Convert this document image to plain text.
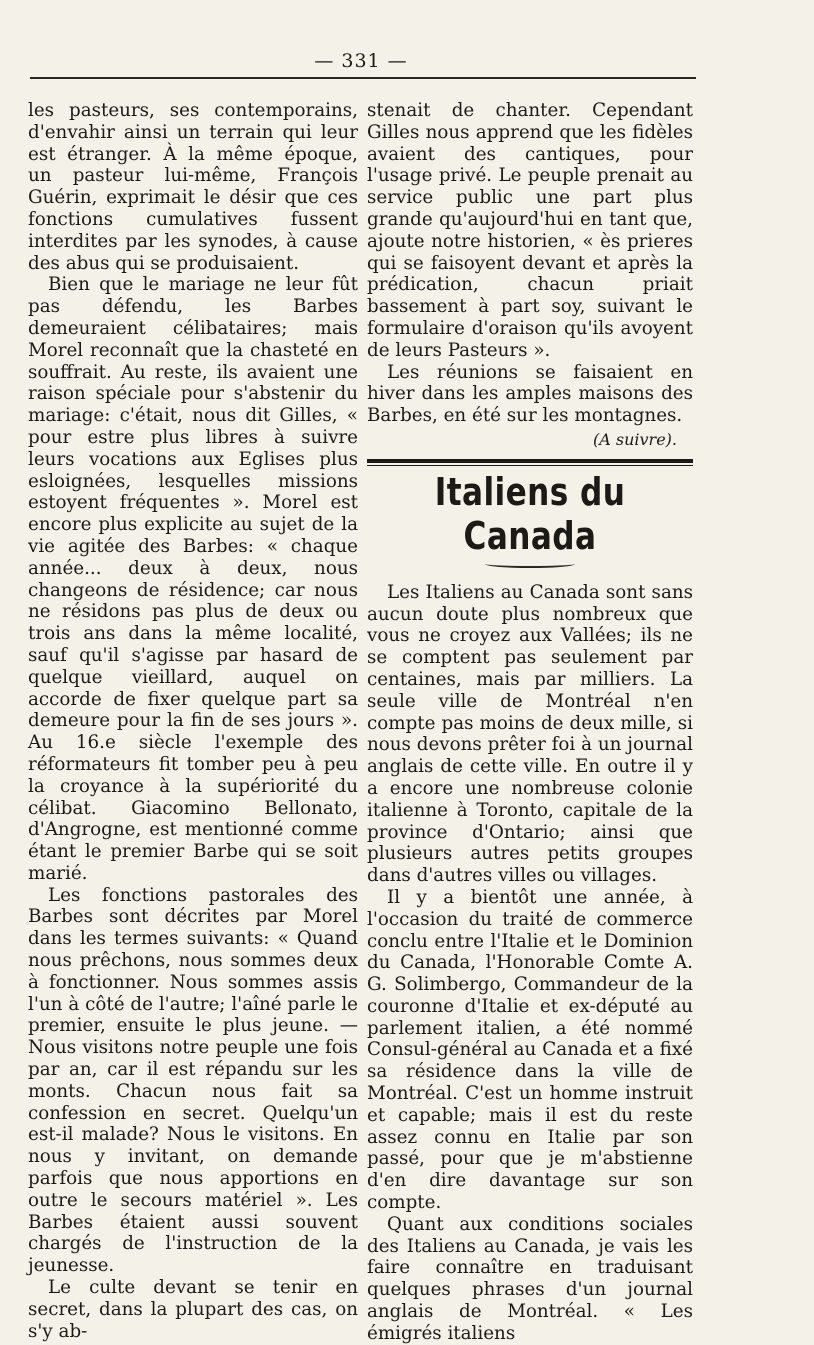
— 331 —

les pasteurs, ses contemporains, d'envahir ainsi un terrain qui leur est étranger. À la même époque, un pasteur lui-même, François Guérin, exprimait le désir que ces fonctions cumulatives fussent interdites par les synodes, à cause des abus qui se produisaient.

Bien que le mariage ne leur fût pas défendu, les Barbes demeuraient célibataires; mais Morel reconnaît que la chasteté en souffrait. Au reste, ils avaient une raison spéciale pour s'abstenir du mariage: c'était, nous dit Gilles, « pour estre plus libres à suivre leurs vocations aux Eglises plus esloignées, lesquelles missions estoyent fréquentes ». Morel est encore plus explicite au sujet de la vie agitée des Barbes: « chaque année... deux à deux, nous changeons de résidence; car nous ne résidons pas plus de deux ou trois ans dans la même localité, sauf qu'il s'agisse par hasard de quelque vieillard, auquel on accorde de fixer quelque part sa demeure pour la fin de ses jours ». Au 16.e siècle l'exemple des réformateurs fit tomber peu à peu la croyance à la supériorité du célibat. Giacomino Bellonato, d'Angrogne, est mentionné comme étant le premier Barbe qui se soit marié.

Les fonctions pastorales des Barbes sont décrites par Morel dans les termes suivants: « Quand nous prêchons, nous sommes deux à fonctionner. Nous sommes assis l'un à côté de l'autre; l'aîné parle le premier, ensuite le plus jeune. — Nous visitons notre peuple une fois par an, car il est répandu sur les monts. Chacun nous fait sa confession en secret. Quelqu'un est-il malade? Nous le visitons. En nous y invitant, on demande parfois que nous apportions en outre le secours matériel ». Les Barbes étaient aussi souvent chargés de l'instruction de la jeunesse.

Le culte devant se tenir en secret, dans la plupart des cas, on s'y ab-

stenait de chanter. Cependant Gilles nous apprend que les fidèles avaient des cantiques, pour l'usage privé. Le peuple prenait au service public une part plus grande qu'aujourd'hui en tant que, ajoute notre historien, « ès prieres qui se faisoyent devant et après la prédication, chacun priait bassement à part soy, suivant le formulaire d'oraison qu'ils avoyent de leurs Pasteurs ».

Les réunions se faisaient en hiver dans les amples maisons des Barbes, en été sur les montagnes.

(A suivre).
Italiens du Canada

Les Italiens au Canada sont sans aucun doute plus nombreux que vous ne croyez aux Vallées; ils ne se comptent pas seulement par centaines, mais par milliers. La seule ville de Montréal n'en compte pas moins de deux mille, si nous devons prêter foi à un journal anglais de cette ville. En outre il y a encore une nombreuse colonie italienne à Toronto, capitale de la province d'Ontario; ainsi que plusieurs autres petits groupes dans d'autres villes ou villages.

Il y a bientôt une année, à l'occasion du traité de commerce conclu entre l'Italie et le Dominion du Canada, l'Honorable Comte A. G. Solimbergo, Commandeur de la couronne d'Italie et ex-député au parlement italien, a été nommé Consul-général au Canada et a fixé sa résidence dans la ville de Montréal. C'est un homme instruit et capable; mais il est du reste assez connu en Italie par son passé, pour que je m'abstienne d'en dire davantage sur son compte.

Quant aux conditions sociales des Italiens au Canada, je vais les faire connaître en traduisant quelques phrases d'un journal anglais de Montréal. « Les émigrés italiens
